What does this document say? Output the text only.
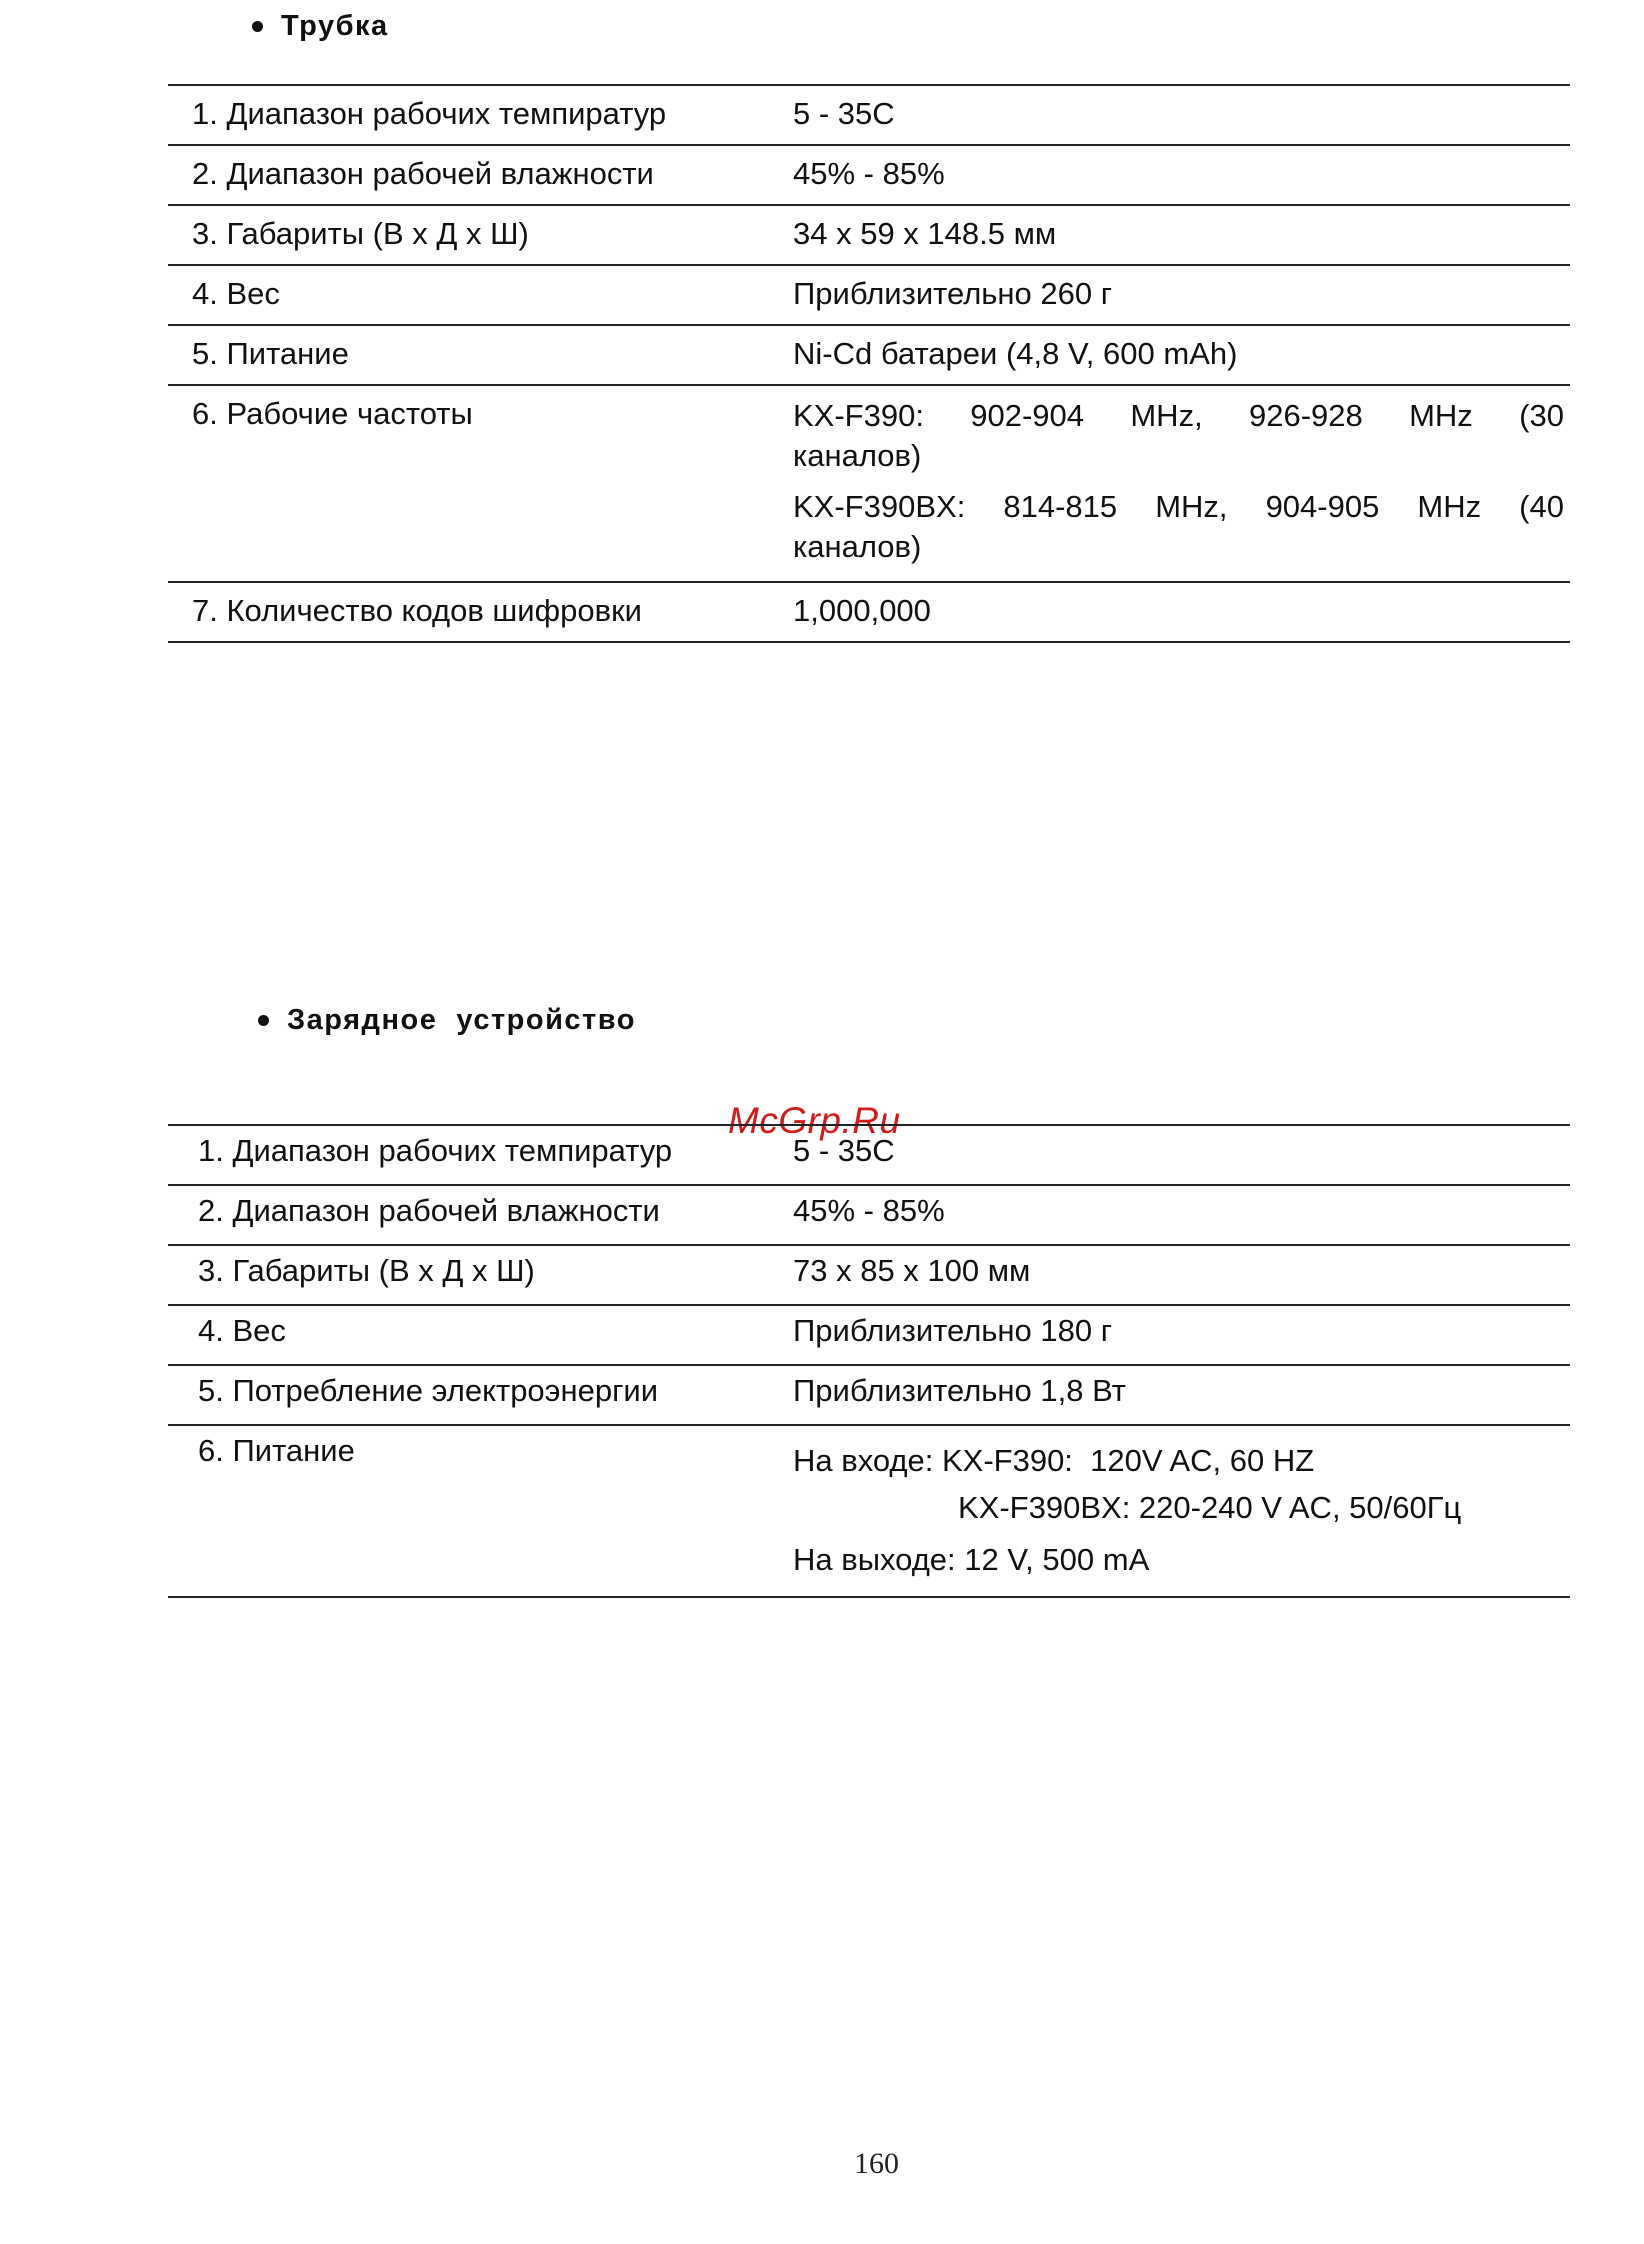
Трубка
1. Диапазон рабочих темпиратур	5 - 35C
2. Диапазон рабочей влажности	45% - 85%
3. Габариты (В х Д х Ш)	34 х 59 х 148.5 мм
4. Вес	Приблизительно 260 г
5. Питание	Ni-Cd батареи (4,8 V, 600 mAh)
6. Рабочие частоты	KX-F390: 902-904 MHz, 926-928 MHz (30
каналов)
KX-F390BX: 814-815 MHz, 904-905 MHz (40
каналов)
7. Количество кодов шифровки	1,000,000
Зарядное  устройство
McGrp.Ru
1. Диапазон рабочих темпиратур	5 - 35C
2. Диапазон рабочей влажности	45% - 85%
3. Габариты (В х Д х Ш)	73 х 85 х 100 мм
4. Вес	Приблизительно 180 г
5. Потребление электроэнергии	Приблизительно 1,8 Вт
6. Питание	На входе: KX-F390:  120V AC, 60 HZ
KX-F390BX: 220-240 V AC, 50/60Гц
На выходе: 12 V, 500 mA
160
